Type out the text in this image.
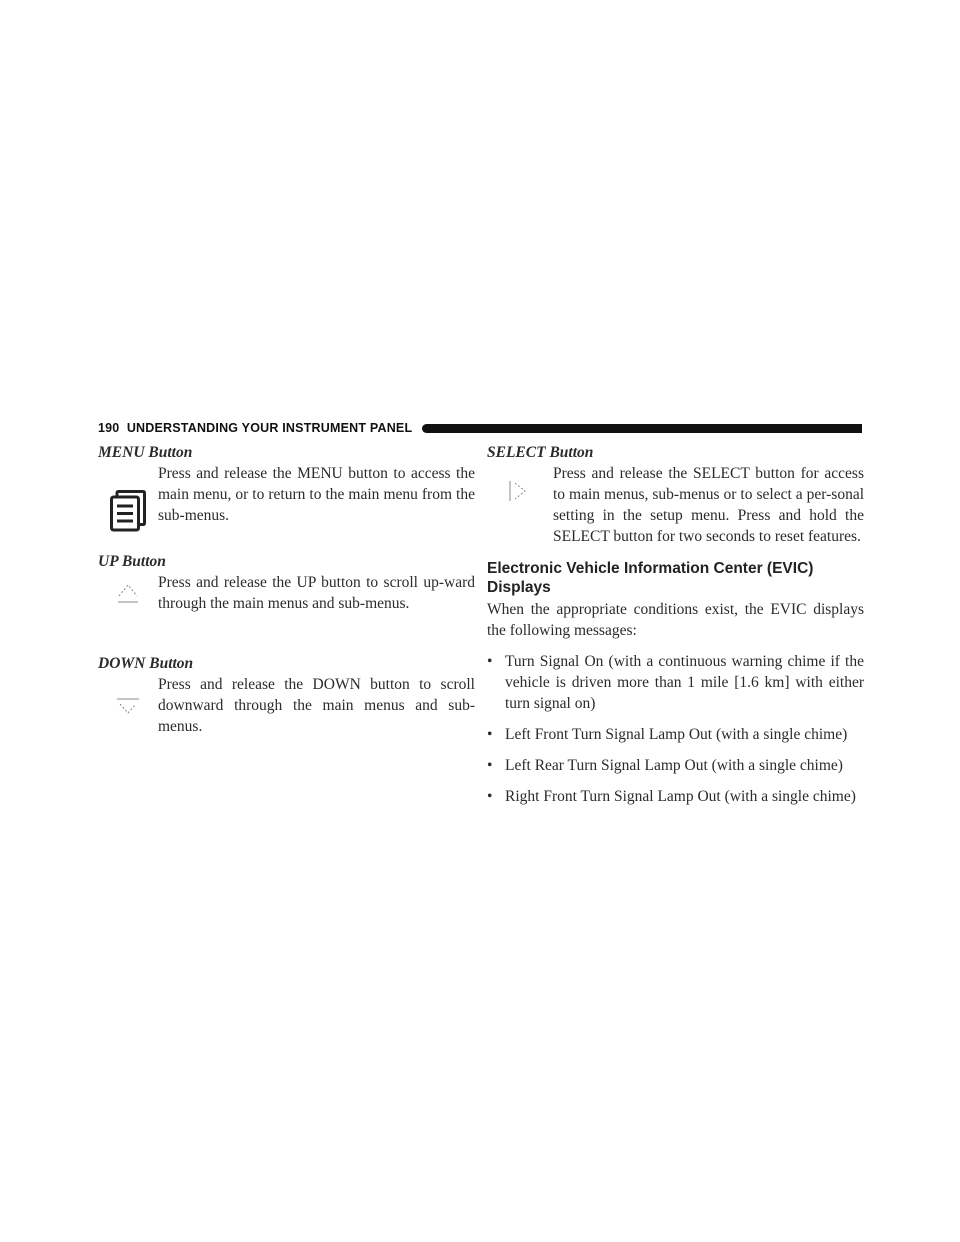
190 UNDERSTANDING YOUR INSTRUMENT PANEL

MENU Button

Press and release the MENU button to access the main menu, or to return to the main menu from the sub-menus.

UP Button

Press and release the UP button to scroll up-ward through the main menus and sub-menus.

DOWN Button

Press and release the DOWN button to scroll downward through the main menus and sub-menus.

SELECT Button

Press and release the SELECT button for access to main menus, sub-menus or to select a per-sonal setting in the setup menu. Press and hold the SELECT button for two seconds to reset features.

Electronic Vehicle Information Center (EVIC) Displays

When the appropriate conditions exist, the EVIC displays the following messages:

• Turn Signal On (with a continuous warning chime if the vehicle is driven more than 1 mile [1.6 km] with either turn signal on)
• Left Front Turn Signal Lamp Out (with a single chime)
• Left Rear Turn Signal Lamp Out (with a single chime)
• Right Front Turn Signal Lamp Out (with a single chime)
